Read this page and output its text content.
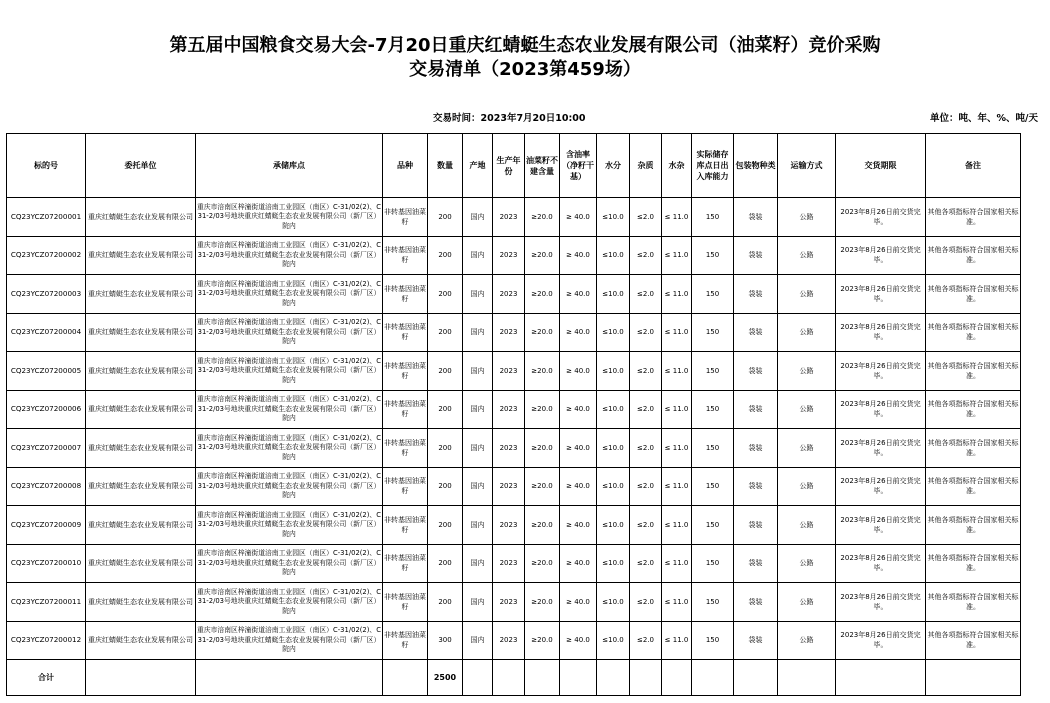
第五届中国粮食交易大会-7月20日重庆红蜻蜓生态农业发展有限公司（油菜籽）竞价采购
交易清单（2023第459场）
交易时间：2023年7月20日10:00	单位：吨、年、%、吨/天
标的号	委托单位	承储库点	品种	数量	产地	生产年份	油菜籽不建含量	含油率（净籽干基）	水分	杂质	水杂	实际储存库点日出入库能力	包装物种类	运输方式	交货期限	备注
CQ23YCZ07200001	重庆红蜻蜓生态农业发展有限公司	重庆市涪南区梓潼街道涪南工业园区（南区）C-31/02(2)、C31-2/03号地块重庆红蜻蜓生态农业发展有限公司（新厂区）院内	非转基因油菜籽	200	国内	2023	≥20.0	≥ 40.0	≤10.0	≤2.0	≤ 11.0	150	袋装	公路	2023年8月26日前交货完毕。	其他各项指标符合国家相关标准。
CQ23YCZ07200002	重庆红蜻蜓生态农业发展有限公司	重庆市涪南区梓潼街道涪南工业园区（南区）C-31/02(2)、C31-2/03号地块重庆红蜻蜓生态农业发展有限公司（新厂区）院内	非转基因油菜籽	200	国内	2023	≥20.0	≥ 40.0	≤10.0	≤2.0	≤ 11.0	150	袋装	公路	2023年8月26日前交货完毕。	其他各项指标符合国家相关标准。
CQ23YCZ07200003	重庆红蜻蜓生态农业发展有限公司	重庆市涪南区梓潼街道涪南工业园区（南区）C-31/02(2)、C31-2/03号地块重庆红蜻蜓生态农业发展有限公司（新厂区）院内	非转基因油菜籽	200	国内	2023	≥20.0	≥ 40.0	≤10.0	≤2.0	≤ 11.0	150	袋装	公路	2023年8月26日前交货完毕。	其他各项指标符合国家相关标准。
CQ23YCZ07200004	重庆红蜻蜓生态农业发展有限公司	重庆市涪南区梓潼街道涪南工业园区（南区）C-31/02(2)、C31-2/03号地块重庆红蜻蜓生态农业发展有限公司（新厂区）院内	非转基因油菜籽	200	国内	2023	≥20.0	≥ 40.0	≤10.0	≤2.0	≤ 11.0	150	袋装	公路	2023年8月26日前交货完毕。	其他各项指标符合国家相关标准。
CQ23YCZ07200005	重庆红蜻蜓生态农业发展有限公司	重庆市涪南区梓潼街道涪南工业园区（南区）C-31/02(2)、C31-2/03号地块重庆红蜻蜓生态农业发展有限公司（新厂区）院内	非转基因油菜籽	200	国内	2023	≥20.0	≥ 40.0	≤10.0	≤2.0	≤ 11.0	150	袋装	公路	2023年8月26日前交货完毕。	其他各项指标符合国家相关标准。
CQ23YCZ07200006	重庆红蜻蜓生态农业发展有限公司	重庆市涪南区梓潼街道涪南工业园区（南区）C-31/02(2)、C31-2/03号地块重庆红蜻蜓生态农业发展有限公司（新厂区）院内	非转基因油菜籽	200	国内	2023	≥20.0	≥ 40.0	≤10.0	≤2.0	≤ 11.0	150	袋装	公路	2023年8月26日前交货完毕。	其他各项指标符合国家相关标准。
CQ23YCZ07200007	重庆红蜻蜓生态农业发展有限公司	重庆市涪南区梓潼街道涪南工业园区（南区）C-31/02(2)、C31-2/03号地块重庆红蜻蜓生态农业发展有限公司（新厂区）院内	非转基因油菜籽	200	国内	2023	≥20.0	≥ 40.0	≤10.0	≤2.0	≤ 11.0	150	袋装	公路	2023年8月26日前交货完毕。	其他各项指标符合国家相关标准。
CQ23YCZ07200008	重庆红蜻蜓生态农业发展有限公司	重庆市涪南区梓潼街道涪南工业园区（南区）C-31/02(2)、C31-2/03号地块重庆红蜻蜓生态农业发展有限公司（新厂区）院内	非转基因油菜籽	200	国内	2023	≥20.0	≥ 40.0	≤10.0	≤2.0	≤ 11.0	150	袋装	公路	2023年8月26日前交货完毕。	其他各项指标符合国家相关标准。
CQ23YCZ07200009	重庆红蜻蜓生态农业发展有限公司	重庆市涪南区梓潼街道涪南工业园区（南区）C-31/02(2)、C31-2/03号地块重庆红蜻蜓生态农业发展有限公司（新厂区）院内	非转基因油菜籽	200	国内	2023	≥20.0	≥ 40.0	≤10.0	≤2.0	≤ 11.0	150	袋装	公路	2023年8月26日前交货完毕。	其他各项指标符合国家相关标准。
CQ23YCZ07200010	重庆红蜻蜓生态农业发展有限公司	重庆市涪南区梓潼街道涪南工业园区（南区）C-31/02(2)、C31-2/03号地块重庆红蜻蜓生态农业发展有限公司（新厂区）院内	非转基因油菜籽	200	国内	2023	≥20.0	≥ 40.0	≤10.0	≤2.0	≤ 11.0	150	袋装	公路	2023年8月26日前交货完毕。	其他各项指标符合国家相关标准。
CQ23YCZ07200011	重庆红蜻蜓生态农业发展有限公司	重庆市涪南区梓潼街道涪南工业园区（南区）C-31/02(2)、C31-2/03号地块重庆红蜻蜓生态农业发展有限公司（新厂区）院内	非转基因油菜籽	200	国内	2023	≥20.0	≥ 40.0	≤10.0	≤2.0	≤ 11.0	150	袋装	公路	2023年8月26日前交货完毕。	其他各项指标符合国家相关标准。
CQ23YCZ07200012	重庆红蜻蜓生态农业发展有限公司	重庆市涪南区梓潼街道涪南工业园区（南区）C-31/02(2)、C31-2/03号地块重庆红蜻蜓生态农业发展有限公司（新厂区）院内	非转基因油菜籽	300	国内	2023	≥20.0	≥ 40.0	≤10.0	≤2.0	≤ 11.0	150	袋装	公路	2023年8月26日前交货完毕。	其他各项指标符合国家相关标准。
合计				2500												
